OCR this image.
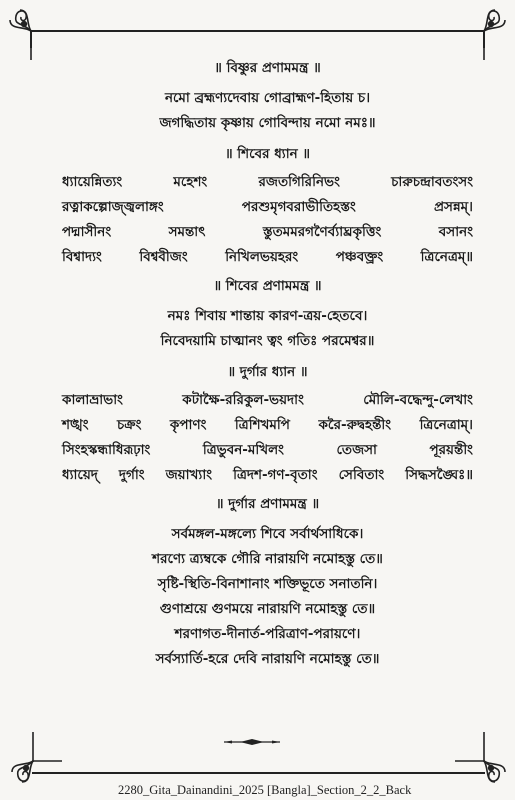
॥ বিষ্ণুর প্রণামমন্ত্র ॥
নমো ব্রহ্মণ্যদেবায় গোব্রাহ্মণ-হিতায় চ।
জগদ্ধিতায় কৃষ্ণায় গোবিন্দায় নমো নমঃ॥
॥ শিবের ধ্যান ॥
ধ্যায়েন্নিত্যং মহেশং রজতগিরিনিভং চারুচন্দ্রাবতংসং
রত্নাকল্পোজ্জ্বলাঙ্গং পরশুমৃগবরাভীতিহস্তং প্রসন্নম্।
পদ্মাসীনং সমন্তাৎ স্তুতমমরগণৈর্ব্যাঘ্রকৃত্তিং বসানং
বিশ্বাদ্যং বিশ্ববীজং নিখিলভয়হরং পঞ্চবক্ত্রং ত্রিনেত্রম্॥
॥ শিবের প্রণামমন্ত্র ॥
নমঃ শিবায় শান্তায় কারণ-ত্রয়-হেতবে।
নিবেদয়ামি চাত্মানং ত্বং গতিঃ পরমেশ্বর॥
॥ দুর্গার ধ্যান ॥
কালাভ্রাভাং কটাক্ষৈ-ররিকুল-ভয়দাং মৌলি-বদ্ধেন্দু-লেখাং
শঙ্খং চক্রং কৃপাণং ত্রিশিখমপি করৈ-রুদ্বহন্তীং ত্রিনেত্রাম্।
সিংহস্কন্ধাধিরূঢ়াং ত্রিভুবন-মখিলং তেজসা পূরয়ন্তীং
ধ্যায়েদ্ দুর্গাং জয়াখ্যাং ত্রিদশ-গণ-বৃতাং সেবিতাং সিদ্ধসঙ্ঘৈঃ॥
॥ দুর্গার প্রণামমন্ত্র ॥
সর্বমঙ্গল-মঙ্গল্যে শিবে সর্বার্থসাধিকে।
শরণ্যে ত্র্যম্বকে গৌরি নারায়ণি নমোহস্তু তে॥
সৃষ্টি-স্থিতি-বিনাশানাং শক্তিভূতে সনাতনি।
গুণাশ্রয়ে গুণময়ে নারায়ণি নমোহস্তু তে॥
শরণাগত-দীনার্ত-পরিত্রাণ-পরায়ণে।
সর্বস্যার্তি-হরে দেবি নারায়ণি নমোহস্তু তে॥
2280_Gita_Dainandini_2025 [Bangla]_Section_2_2_Back
